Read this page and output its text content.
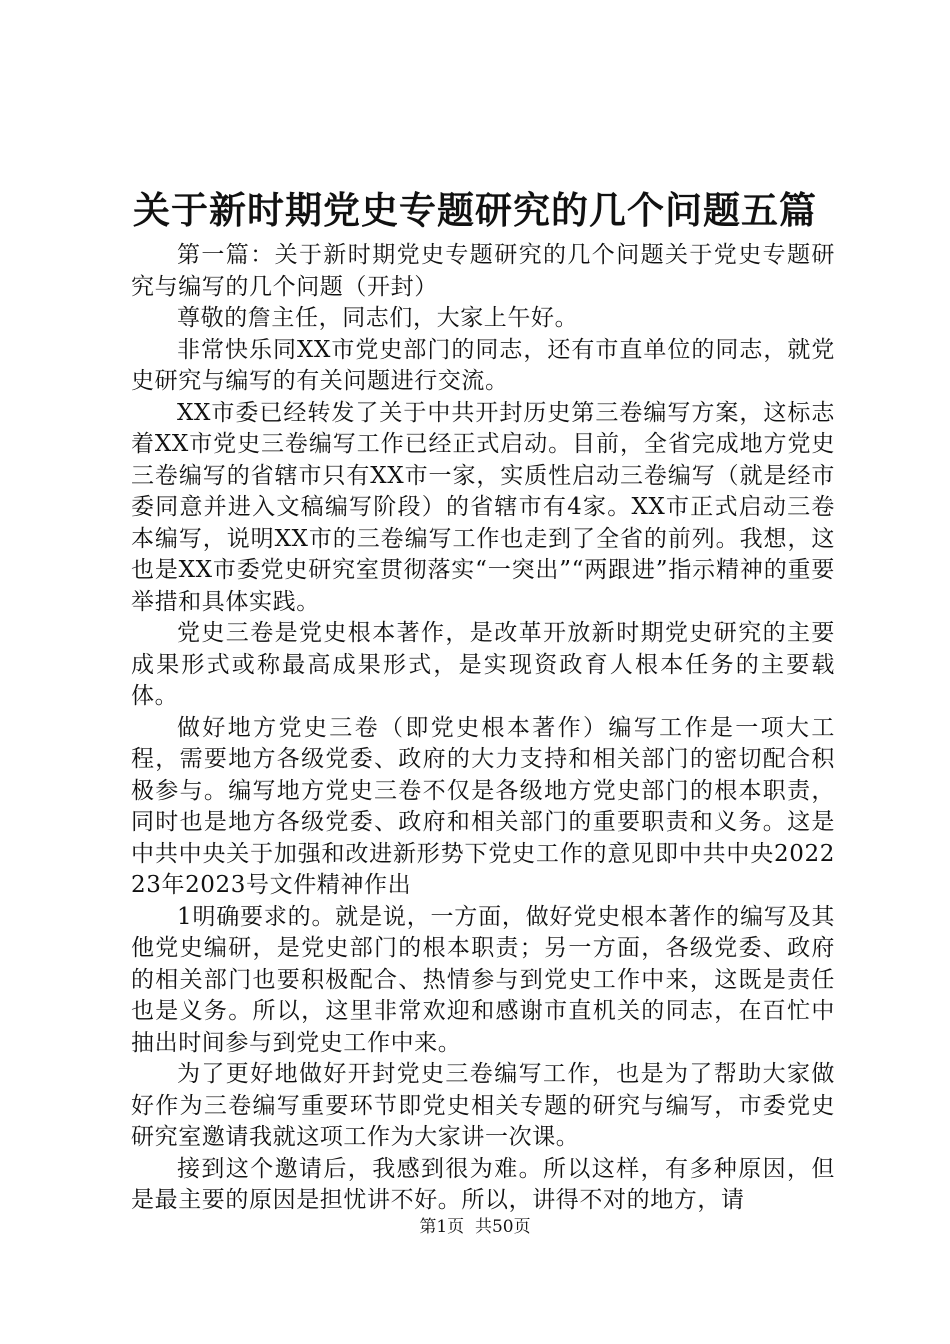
关于新时期党史专题研究的几个问题五篇

第一篇：关于新时期党史专题研究的几个问题关于党史专题研究与编写的几个问题（开封）

尊敬的詹主任，同志们，大家上午好。

非常快乐同XX市党史部门的同志，还有市直单位的同志，就党史研究与编写的有关问题进行交流。

XX市委已经转发了关于中共开封历史第三卷编写方案，这标志着XX市党史三卷编写工作已经正式启动。目前，全省完成地方党史三卷编写的省辖市只有XX市一家，实质性启动三卷编写（就是经市委同意并进入文稿编写阶段）的省辖市有4家。XX市正式启动三卷本编写，说明XX市的三卷编写工作也走到了全省的前列。我想，这也是XX市委党史研究室贯彻落实“一突出”“两跟进”指示精神的重要举措和具体实践。

党史三卷是党史根本著作，是改革开放新时期党史研究的主要成果形式或称最高成果形式，是实现资政育人根本任务的主要载体。

做好地方党史三卷（即党史根本著作）编写工作是一项大工程，需要地方各级党委、政府的大力支持和相关部门的密切配合积极参与。编写地方党史三卷不仅是各级地方党史部门的根本职责，同时也是地方各级党委、政府和相关部门的重要职责和义务。这是中共中央关于加强和改进新形势下党史工作的意见即中共中央202223年2023号文件精神作出

1明确要求的。就是说，一方面，做好党史根本著作的编写及其他党史编研，是党史部门的根本职责；另一方面，各级党委、政府的相关部门也要积极配合、热情参与到党史工作中来，这既是责任也是义务。所以，这里非常欢迎和感谢市直机关的同志，在百忙中抽出时间参与到党史工作中来。

为了更好地做好开封党史三卷编写工作，也是为了帮助大家做好作为三卷编写重要环节即党史相关专题的研究与编写，市委党史研究室邀请我就这项工作为大家讲一次课。

接到这个邀请后，我感到很为难。所以这样，有多种原因，但是最主要的原因是担忧讲不好。所以，讲得不对的地方，请

第1页  共50页
